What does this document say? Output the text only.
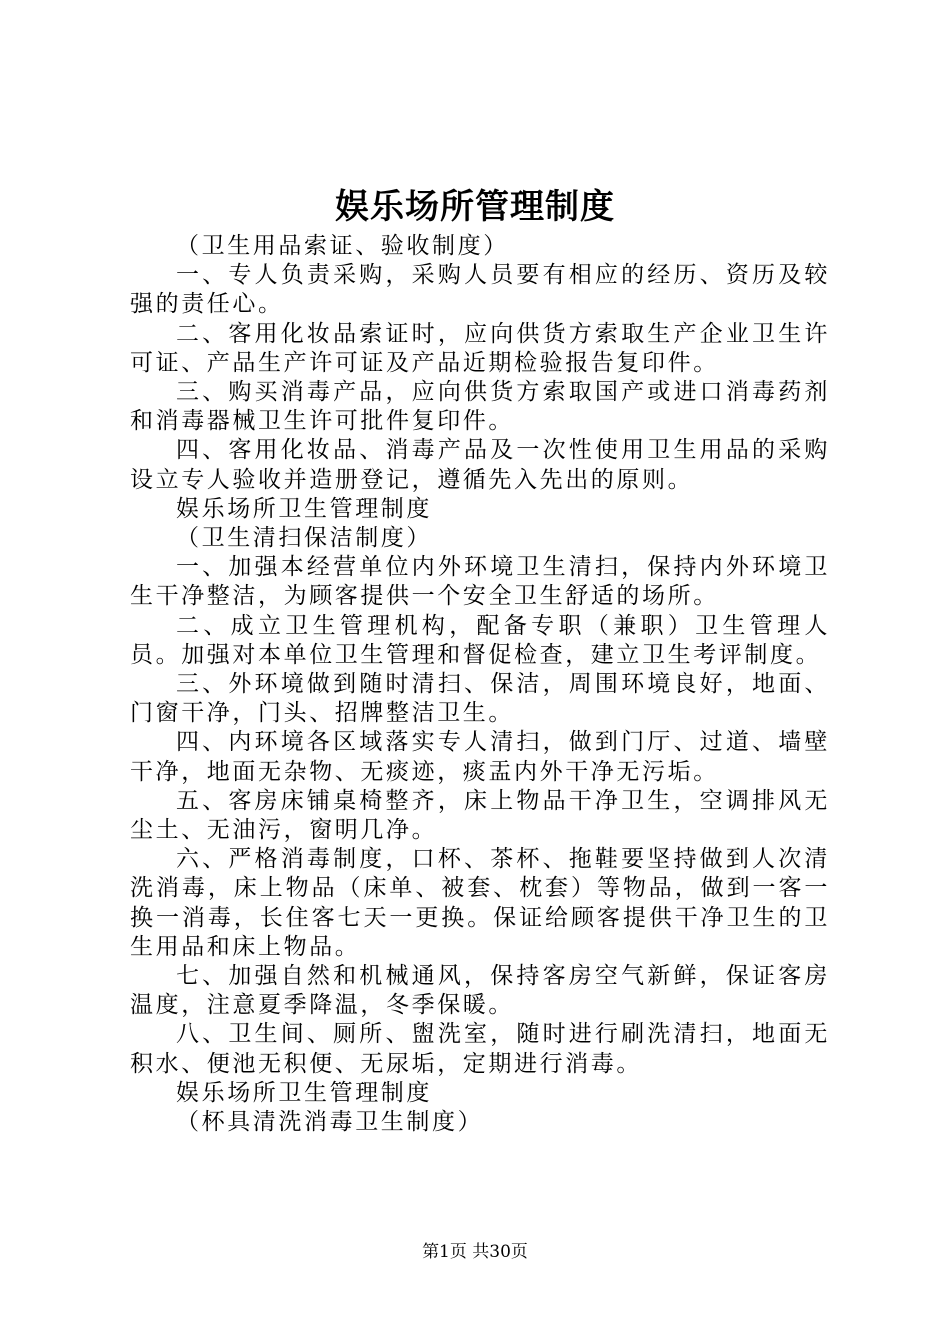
娱乐场所管理制度

（卫生用品索证、验收制度）

一、专人负责采购，采购人员要有相应的经历、资历及较强的责任心。

二、客用化妆品索证时，应向供货方索取生产企业卫生许可证、产品生产许可证及产品近期检验报告复印件。

三、购买消毒产品，应向供货方索取国产或进口消毒药剂和消毒器械卫生许可批件复印件。

四、客用化妆品、消毒产品及一次性使用卫生用品的采购设立专人验收并造册登记，遵循先入先出的原则。

娱乐场所卫生管理制度

（卫生清扫保洁制度）

一、加强本经营单位内外环境卫生清扫，保持内外环境卫生干净整洁，为顾客提供一个安全卫生舒适的场所。

二、成立卫生管理机构，配备专职（兼职）卫生管理人员。加强对本单位卫生管理和督促检查，建立卫生考评制度。

三、外环境做到随时清扫、保洁，周围环境良好，地面、门窗干净，门头、招牌整洁卫生。

四、内环境各区域落实专人清扫，做到门厅、过道、墙壁干净，地面无杂物、无痰迹，痰盂内外干净无污垢。

五、客房床铺桌椅整齐，床上物品干净卫生，空调排风无尘土、无油污，窗明几净。

六、严格消毒制度，口杯、茶杯、拖鞋要坚持做到人次清洗消毒，床上物品（床单、被套、枕套）等物品，做到一客一换一消毒，长住客七天一更换。保证给顾客提供干净卫生的卫生用品和床上物品。

七、加强自然和机械通风，保持客房空气新鲜，保证客房温度，注意夏季降温，冬季保暖。

八、卫生间、厕所、盥洗室，随时进行刷洗清扫，地面无积水、便池无积便、无尿垢，定期进行消毒。

娱乐场所卫生管理制度

（杯具清洗消毒卫生制度）

第1页 共30页
